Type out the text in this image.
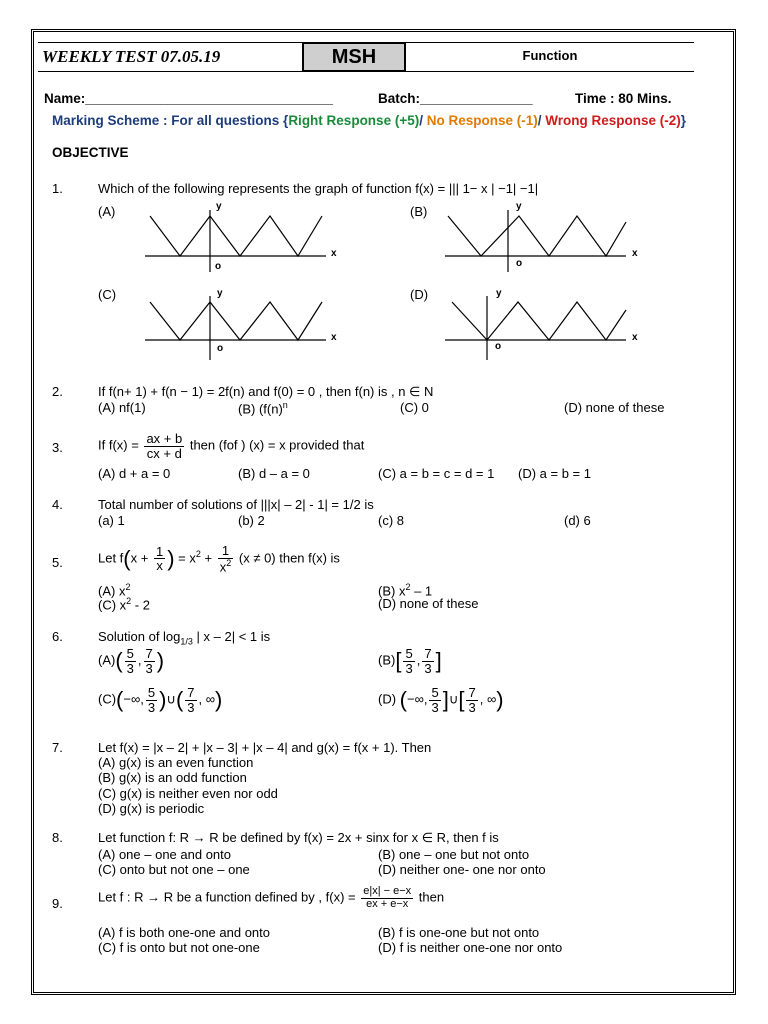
WEEKLY TEST 07.05.19	MSH	Function
Name:_________________________________	Batch:_______________	Time : 80 Mins.
Marking Scheme : For all questions {Right Response (+5)/ No Response (-1)/ Wrong Response (-2)}
OBJECTIVE
1.	Which of the following represents the graph of function f(x) = ||| 1− x | −1| −1|
(A)	(B)
(C)	(D)
y
x
o
y
x
o
y
x
o
y
x
o
2.	If f(n+ 1) + f(n − 1) = 2f(n) and f(0) = 0 , then f(n) is , n ∈ N
(A) nf(1)	(B) ($f(n)^n$	(C) 0	(D) none of these
3.	If $f(x) = \frac{ax + b}{cx + d}$ then (fof ) (x) = x provided that
(A) d + a = 0	(B) d – a = 0	(C) a = b = c = d = 1 (D) a = b = 1
4.	Total number of solutions of |||x| – 2| - 1| = 1/2 is
(a) 1	(b) 2	(c) 8	(d) 6
5.	Let $f(x + \frac{1}{x}$ ) = $x^2 + \frac{1}{x^2} (x \ne 0)$ then f(x) is
(A) $x^2$	(B) $x^2 - 1$
(C) $x^2 - 2$	(D) none of these
6.	Solution of $\log_{1/3}$ | x – 2| < 1 is
$(A)( \frac{5}{3}$ , $\frac{7}{3}$ )	$(B)[ \frac{5}{3}$ , $\frac{7}{3}$ ]
(C)(−∞, $\frac{5}{3}$ )∪( $\frac{7}{3}$ , ∞)	(D) (−∞, $\frac{5}{3}$ ]∪[ $\frac{7}{3}$ , ∞)
7.	Let f(x) = |x – 2| + |x – 3| + |x – 4| and g(x) = f(x + 1). Then
(A) g(x) is an even function
(B) g(x) is an odd function
(C) g(x) is neither even nor odd
(D) g(x) is periodic
8.	Let function f: R → R be defined by f(x) = 2x + sinx for x ∈ R, then f is
(A) one – one and onto	(B) one – one but not onto
(C) onto but not one – one	(D) neither one- one nor onto
9.	Let f : R → R be a function defined by , $f(x) = \frac{e|x| - e-x}{ex + e-x}$ then
(A) f is both one-one and onto	(B) f is one-one but not onto
(C) f is onto but not one-one	(D) f is neither one-one nor onto
